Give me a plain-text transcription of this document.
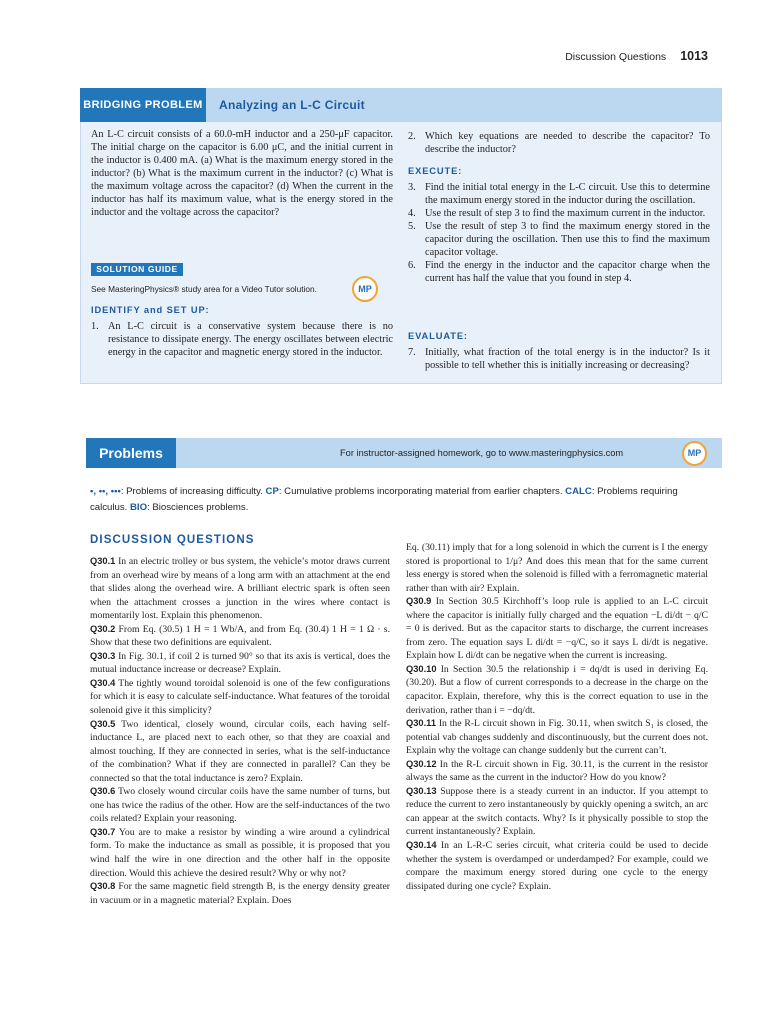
Discussion Questions 1013
BRIDGING PROBLEM Analyzing an L-C Circuit

An L-C circuit consists of a 60.0-mH inductor and a 250-μF capacitor. The initial charge on the capacitor is 6.00 μC, and the initial current in the inductor is 0.400 mA. (a) What is the maximum energy stored in the inductor? (b) What is the maximum current in the inductor? (c) What is the maximum voltage across the capacitor? (d) When the current in the inductor has half its maximum value, what is the energy stored in the inductor and the voltage across the capacitor?

SOLUTION GUIDE
See MasteringPhysics® study area for a Video Tutor solution.	MP
IDENTIFY and SET UP:
1. An L-C circuit is a conservative system because there is no resistance to dissipate energy. The energy oscillates between electric energy in the capacitor and magnetic energy stored in the inductor.
2. Which key equations are needed to describe the capacitor? To describe the inductor?
EXECUTE:
3. Find the initial total energy in the L-C circuit. Use this to determine the maximum energy stored in the inductor during the oscillation.
4. Use the result of step 3 to find the maximum current in the inductor.
5. Use the result of step 3 to find the maximum energy stored in the capacitor during the oscillation. Then use this to find the maximum capacitor voltage.
6. Find the energy in the inductor and the capacitor charge when the current has half the value that you found in step 4.
EVALUATE:
7. Initially, what fraction of the total energy is in the inductor? Is it possible to tell whether this is initially increasing or decreasing?
Problems	For instructor-assigned homework, go to www.masteringphysics.com	MP
•, ••, •••: Problems of increasing difficulty. CP: Cumulative problems incorporating material from earlier chapters. CALC: Problems requiring calculus. BIO: Biosciences problems.
DISCUSSION QUESTIONS

Q30.1 In an electric trolley or bus system, the vehicle’s motor draws current from an overhead wire by means of a long arm with an attachment at the end that slides along the overhead wire. A brilliant electric spark is often seen when the attachment crosses a junction in the wires where contact is momentarily lost. Explain this phenomenon.

Q30.2 From Eq. (30.5) 1 H = 1 Wb/A, and from Eq. (30.4) 1 H = 1 Ω · s. Show that these two definitions are equivalent.

Q30.3 In Fig. 30.1, if coil 2 is turned 90° so that its axis is vertical, does the mutual inductance increase or decrease? Explain.

Q30.4 The tightly wound toroidal solenoid is one of the few configurations for which it is easy to calculate self-inductance. What features of the toroidal solenoid give it this simplicity?

Q30.5 Two identical, closely wound, circular coils, each having self-inductance L, are placed next to each other, so that they are coaxial and almost touching. If they are connected in series, what is the self-inductance of the combination? What if they are connected in parallel? Can they be connected so that the total inductance is zero? Explain.

Q30.6 Two closely wound circular coils have the same number of turns, but one has twice the radius of the other. How are the self-inductances of the two coils related? Explain your reasoning.

Q30.7 You are to make a resistor by winding a wire around a cylindrical form. To make the inductance as small as possible, it is proposed that you wind half the wire in one direction and the other half in the opposite direction. Would this achieve the desired result? Why or why not?

Q30.8 For the same magnetic field strength B, is the energy density greater in vacuum or in a magnetic material? Explain. Does

Eq. (30.11) imply that for a long solenoid in which the current is I the energy stored is proportional to 1/μ? And does this mean that for the same current less energy is stored when the solenoid is filled with a ferromagnetic material rather than with air? Explain.

Q30.9 In Section 30.5 Kirchhoff’s loop rule is applied to an L-C circuit where the capacitor is initially fully charged and the equation −L di/dt − q/C = 0 is derived. But as the capacitor starts to discharge, the current increases from zero. The equation says L di/dt = −q/C, so it says L di/dt is negative. Explain how L di/dt can be negative when the current is increasing.

Q30.10 In Section 30.5 the relationship i = dq/dt is used in deriving Eq. (30.20). But a flow of current corresponds to a decrease in the charge on the capacitor. Explain, therefore, why this is the correct equation to use in the derivation, rather than i = −dq/dt.

Q30.11 In the R-L circuit shown in Fig. 30.11, when switch S₁ is closed, the potential vab changes suddenly and discontinuously, but the current does not. Explain why the voltage can change suddenly but the current can’t.

Q30.12 In the R-L circuit shown in Fig. 30.11, is the current in the resistor always the same as the current in the inductor? How do you know?

Q30.13 Suppose there is a steady current in an inductor. If you attempt to reduce the current to zero instantaneously by quickly opening a switch, an arc can appear at the switch contacts. Why? Is it physically possible to stop the current instantaneously? Explain.

Q30.14 In an L-R-C series circuit, what criteria could be used to decide whether the system is overdamped or underdamped? For example, could we compare the maximum energy stored during one cycle to the energy dissipated during one cycle? Explain.
